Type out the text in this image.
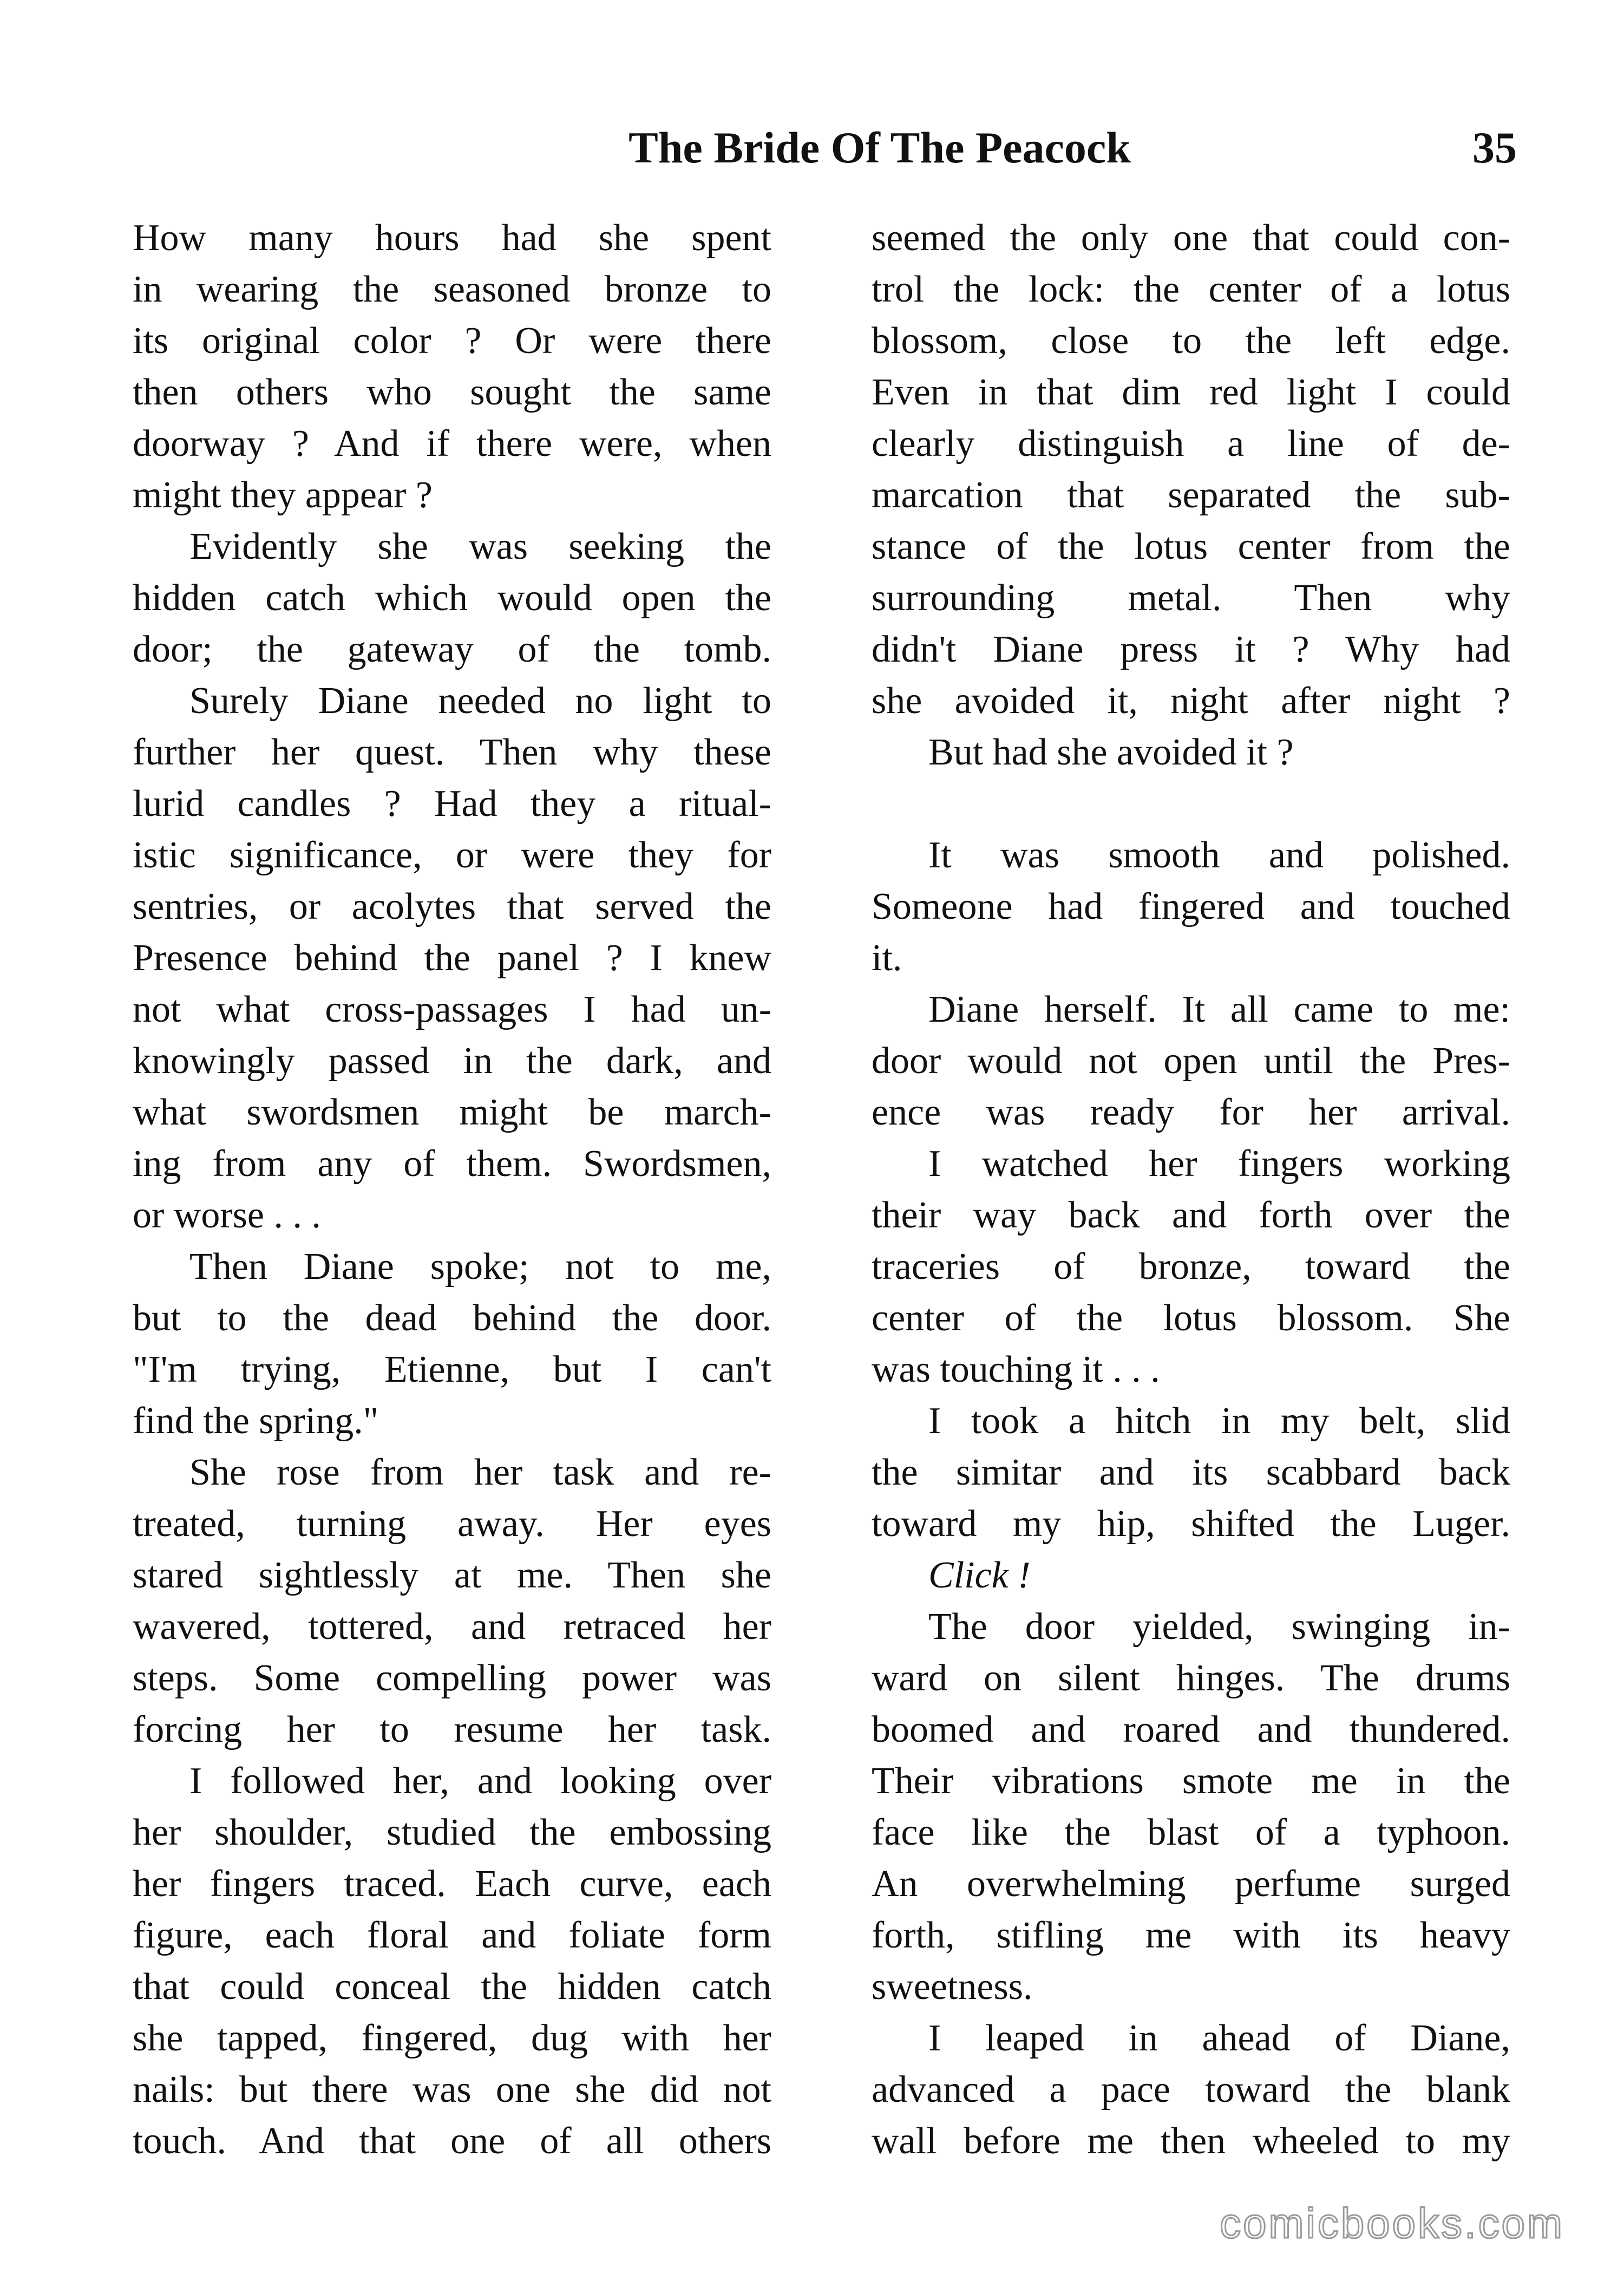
The Bride Of The Peacock	35
How many hours had she spent
in wearing the seasoned bronze to
its original color ? Or were there
then others who sought the same
doorway ? And if there were, when
might they appear ?
Evidently she was seeking the
hidden catch which would open the
door; the gateway of the tomb.
Surely Diane needed no light to
further her quest. Then why these
lurid candles ? Had they a ritual-
istic significance, or were they for
sentries, or acolytes that served the
Presence behind the panel ? I knew
not what cross-passages I had un-
knowingly passed in the dark, and
what swordsmen might be march-
ing from any of them. Swordsmen,
or worse . . .
Then Diane spoke; not to me,
but to the dead behind the door.
"I'm trying, Etienne, but I can't
find the spring."
She rose from her task and re-
treated, turning away. Her eyes
stared sightlessly at me. Then she
wavered, tottered, and retraced her
steps. Some compelling power was
forcing her to resume her task.
I followed her, and looking over
her shoulder, studied the embossing
her fingers traced. Each curve, each
figure, each floral and foliate form
that could conceal the hidden catch
she tapped, fingered, dug with her
nails: but there was one she did not
touch. And that one of all others
seemed the only one that could con-
trol the lock: the center of a lotus
blossom, close to the left edge.
Even in that dim red light I could
clearly distinguish a line of de-
marcation that separated the sub-
stance of the lotus center from the
surrounding metal. Then why
didn't Diane press it ? Why had
she avoided it, night after night ?
But had she avoided it ?
It was smooth and polished.
Someone had fingered and touched
it.
Diane herself. It all came to me:
door would not open until the Pres-
ence was ready for her arrival.
I watched her fingers working
their way back and forth over the
traceries of bronze, toward the
center of the lotus blossom. She
was touching it . . .
I took a hitch in my belt, slid
the simitar and its scabbard back
toward my hip, shifted the Luger.
Click !
The door yielded, swinging in-
ward on silent hinges. The drums
boomed and roared and thundered.
Their vibrations smote me in the
face like the blast of a typhoon.
An overwhelming perfume surged
forth, stifling me with its heavy
sweetness.
I leaped in ahead of Diane,
advanced a pace toward the blank
wall before me then wheeled to my
comicbooks.com
